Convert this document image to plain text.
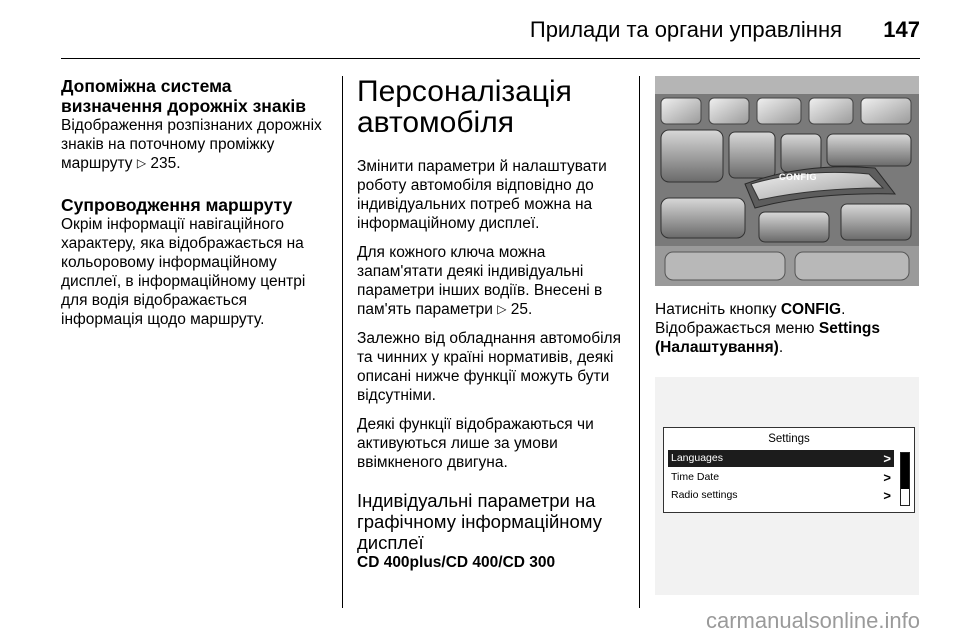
Прилади та органи управління 147
Допоміжна система визначення дорожніх знаків

Відображення розпізнаних дорожніх знаків на поточному проміжку маршруту ▷ 235.

Супроводження маршруту

Окрім інформації навігаційного характеру, яка відображається на кольоровому інформаційному дисплеї, в інформаційному центрі для водія відображається інформація щодо маршруту.

Персоналізація автомобіля

Змінити параметри й налаштувати роботу автомобіля відповідно до індивідуальних потреб можна на інформаційному дисплеї.

Для кожного ключа можна запам'ятати деякі індивідуальні параметри інших водіїв. Внесені в пам'ять параметри ▷ 25.

Залежно від обладнання автомобіля та чинних у країні нормативів, деякі описані нижче функції можуть бути відсутніми.

Деякі функції відображаються чи активуються лише за умови ввімкненого двигуна.

Індивідуальні параметри на графічному інформаційному дисплеї
CD 400plus/CD 400/CD 300
CONFIG

Натисніть кнопку CONFIG.

Відображається меню Settings (Налаштування).

Settings
Languages	>
Time Date	>
Radio settings	>
carmanualsonline.info
